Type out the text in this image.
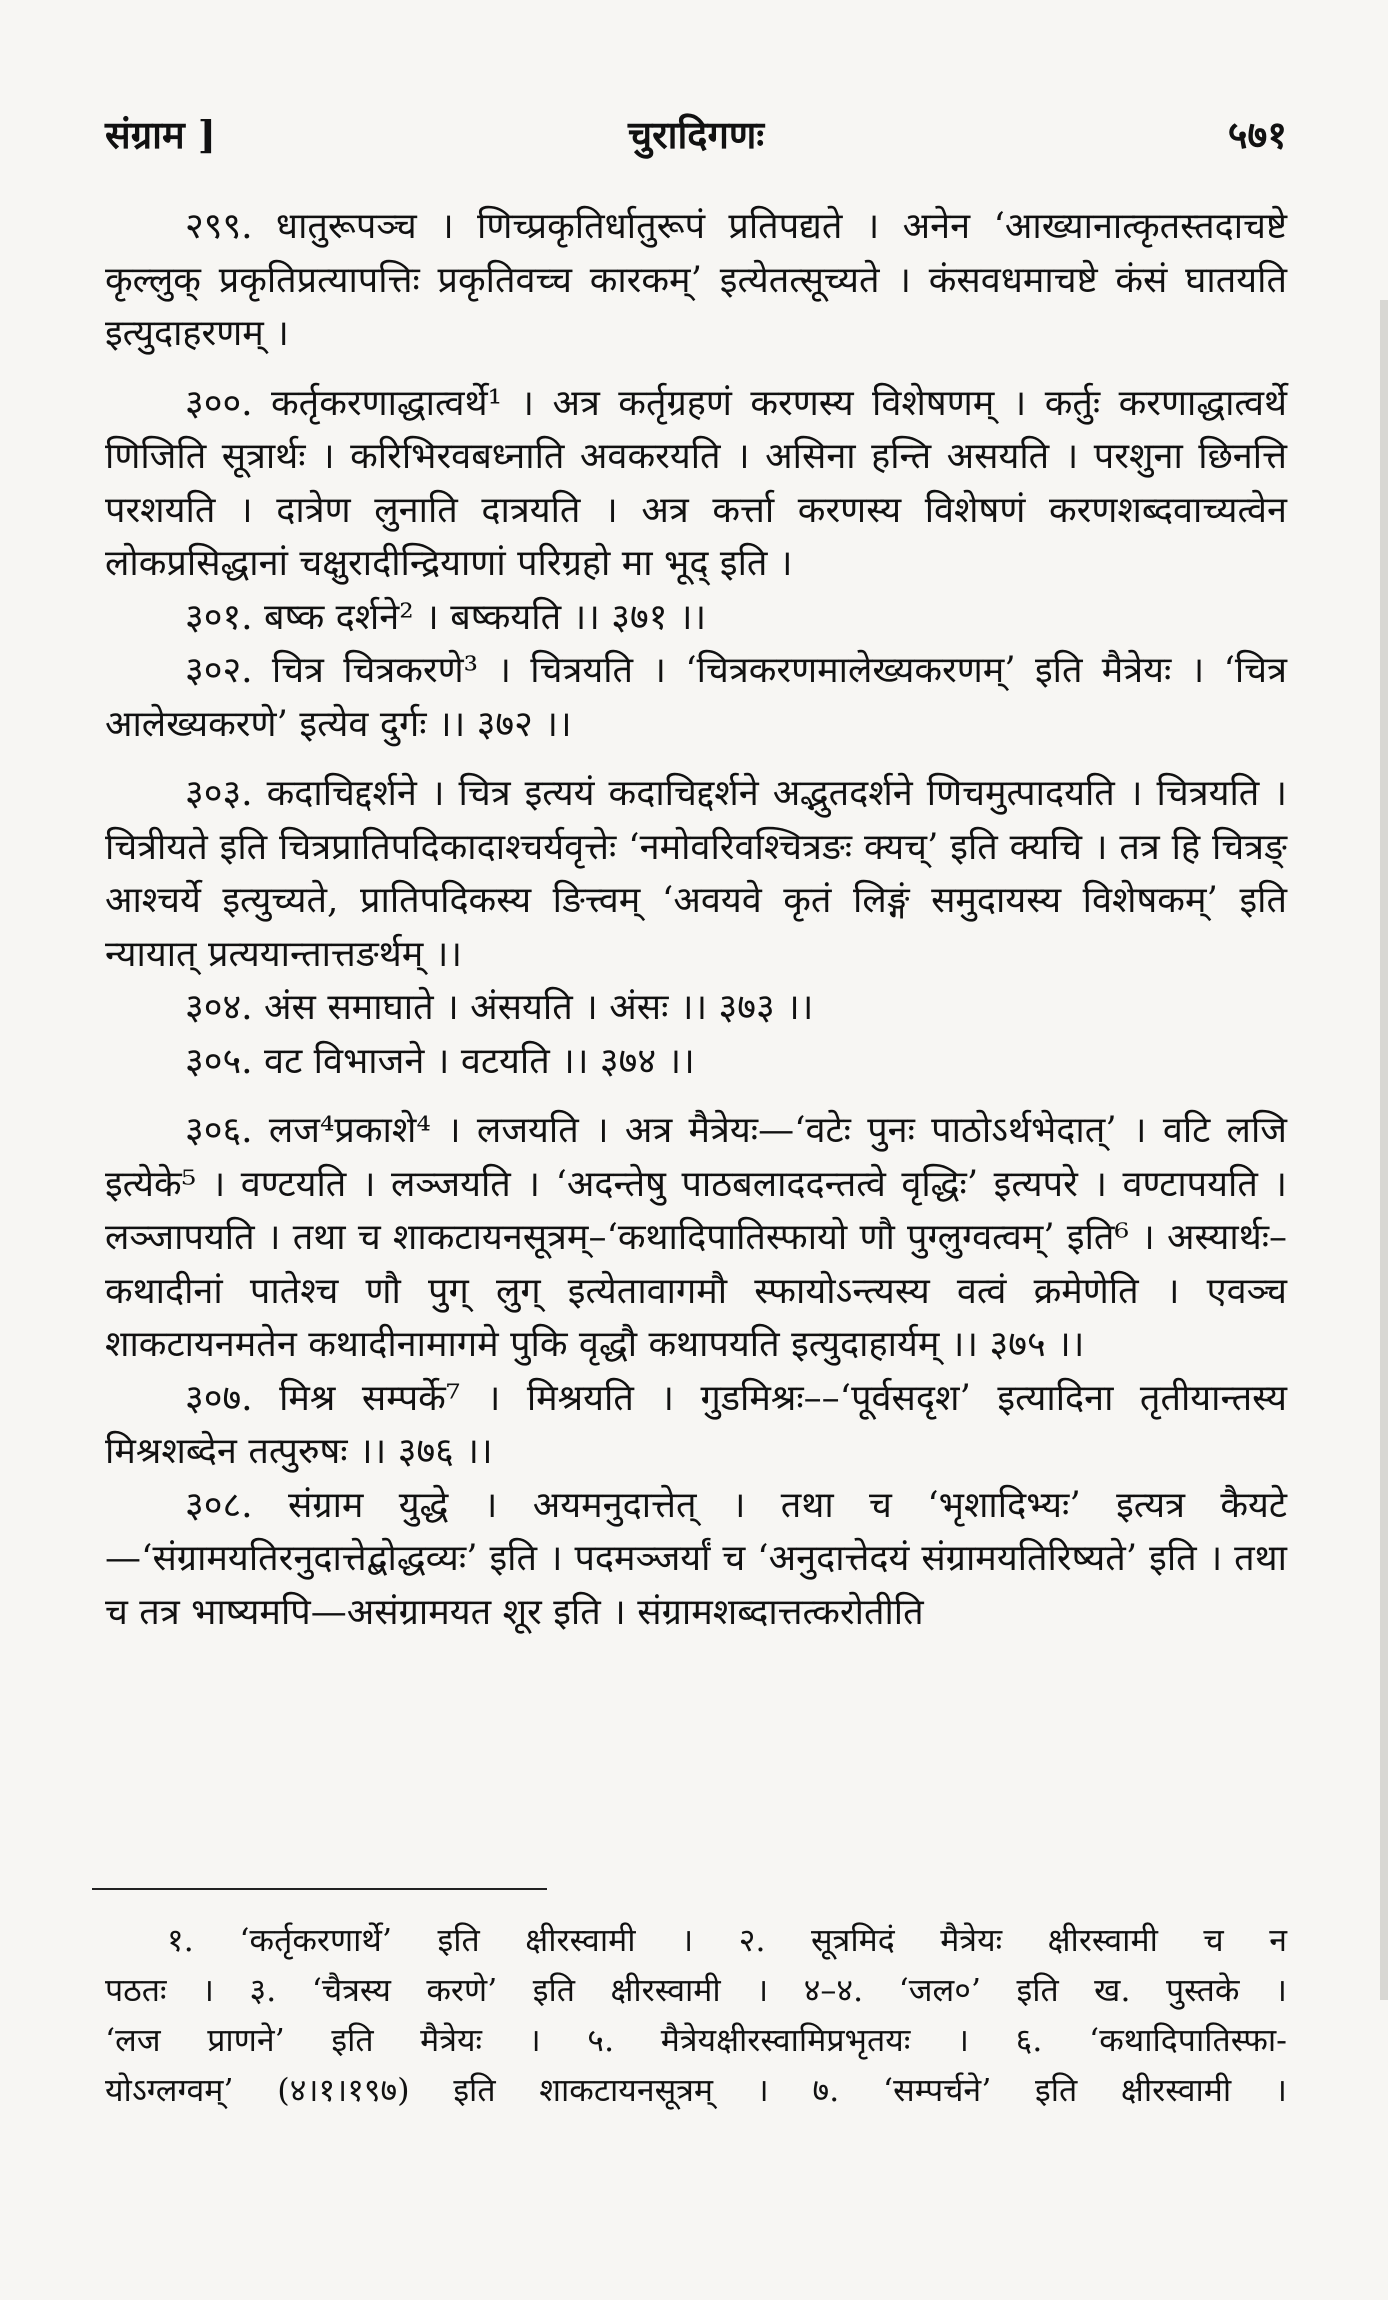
संग्राम ]	चुरादिगणः	५७१

२९९. धातुरूपञ्च । णिच्प्रकृतिर्धातुरूपं प्रतिपद्यते । अनेन ‘आख्यानात्कृतस्तदाचष्टे कृल्लुक् प्रकृतिप्रत्यापत्तिः प्रकृतिवच्च कारकम्’ इत्येतत्सूच्यते । कंसवधमाचष्टे कंसं घातयति इत्युदाहरणम् ।

३००. कर्तृकरणाद्धात्वर्थे¹ । अत्र कर्तृग्रहणं करणस्य विशेषणम् । कर्तुः करणाद्धात्वर्थे णिजिति सूत्रार्थः । करिभिरवबध्नाति अवकरयति । असिना हन्ति असयति । परशुना छिनत्ति परशयति । दात्रेण लुनाति दात्रयति । अत्र कर्त्ता करणस्य विशेषणं करणशब्दवाच्यत्वेन लोकप्रसिद्धानां चक्षुरादीन्द्रियाणां परिग्रहो मा भूद् इति ।

३०१. बष्क दर्शने² । बष्कयति ।। ३७१ ।।

३०२. चित्र चित्रकरणे³ । चित्रयति । ‘चित्रकरणमालेख्यकरणम्’ इति मैत्रेयः । ‘चित्र आलेख्यकरणे’ इत्येव दुर्गः ।। ३७२ ।।

३०३. कदाचिद्दर्शने । चित्र इत्ययं कदाचिद्दर्शने अद्भुतदर्शने णिचमुत्पादयति । चित्रयति । चित्रीयते इति चित्रप्रातिपदिकादाश्चर्यवृत्तेः ‘नमोवरिवश्चित्रङः क्यच्’ इति क्यचि । तत्र हि चित्रङ् आश्चर्ये इत्युच्यते, प्रातिपदिकस्य ङित्त्वम् ‘अवयवे कृतं लिङ्गं समुदायस्य विशेषकम्’ इति न्यायात् प्रत्ययान्तात्तङर्थम् ।।

३०४. अंस समाघाते । अंसयति । अंसः ।। ३७३ ।।

३०५. वट विभाजने । वटयति ।। ३७४ ।।

३०६. लज⁴प्रकाशे⁴ । लजयति । अत्र मैत्रेयः—‘वटेः पुनः पाठोऽर्थभेदात्’ । वटि लजि इत्येके⁵ । वण्टयति । लञ्जयति । ‘अदन्तेषु पाठबलाददन्तत्वे वृद्धिः’ इत्यपरे । वण्टापयति । लञ्जापयति । तथा च शाकटायनसूत्रम्–‘कथादिपातिस्फायो णौ पुग्लुग्वत्वम्’ इति⁶ । अस्यार्थः–कथादीनां पातेश्च णौ पुग् लुग् इत्येतावागमौ स्फायोऽन्त्यस्य वत्वं क्रमेणेति । एवञ्च शाकटायनमतेन कथादीनामागमे पुकि वृद्धौ कथापयति इत्युदाहार्यम् ।। ३७५ ।।

३०७. मिश्र सम्पर्के⁷ । मिश्रयति । गुडमिश्रः––‘पूर्वसदृश’ इत्यादिना तृतीयान्तस्य मिश्रशब्देन तत्पुरुषः ।। ३७६ ।।

३०८. संग्राम युद्धे । अयमनुदात्तेत् । तथा च ‘भृशादिभ्यः’ इत्यत्र कैयटे—‘संग्रामयतिरनुदात्तेद्बोद्धव्यः’ इति । पदमञ्जर्यां च ‘अनुदात्तेदयं संग्रामयतिरिष्यते’ इति । तथा च तत्र भाष्यमपि—असंग्रामयत शूर इति । संग्रामशब्दात्तत्करोतीति

१. ‘कर्तृकरणार्थे’ इति क्षीरस्वामी । २. सूत्रमिदं मैत्रेयः क्षीरस्वामी च न

पठतः । ३. ‘चैत्रस्य करणे’ इति क्षीरस्वामी । ४–४. ‘जल०’ इति ख. पुस्तके ।

‘लज प्राणने’ इति मैत्रेयः । ५. मैत्रेयक्षीरस्वामिप्रभृतयः । ६. ‘कथादिपातिस्फा-

योऽग्लग्वम्’ (४।१।१९७) इति शाकटायनसूत्रम् । ७. ‘सम्पर्चने’ इति क्षीरस्वामी ।
